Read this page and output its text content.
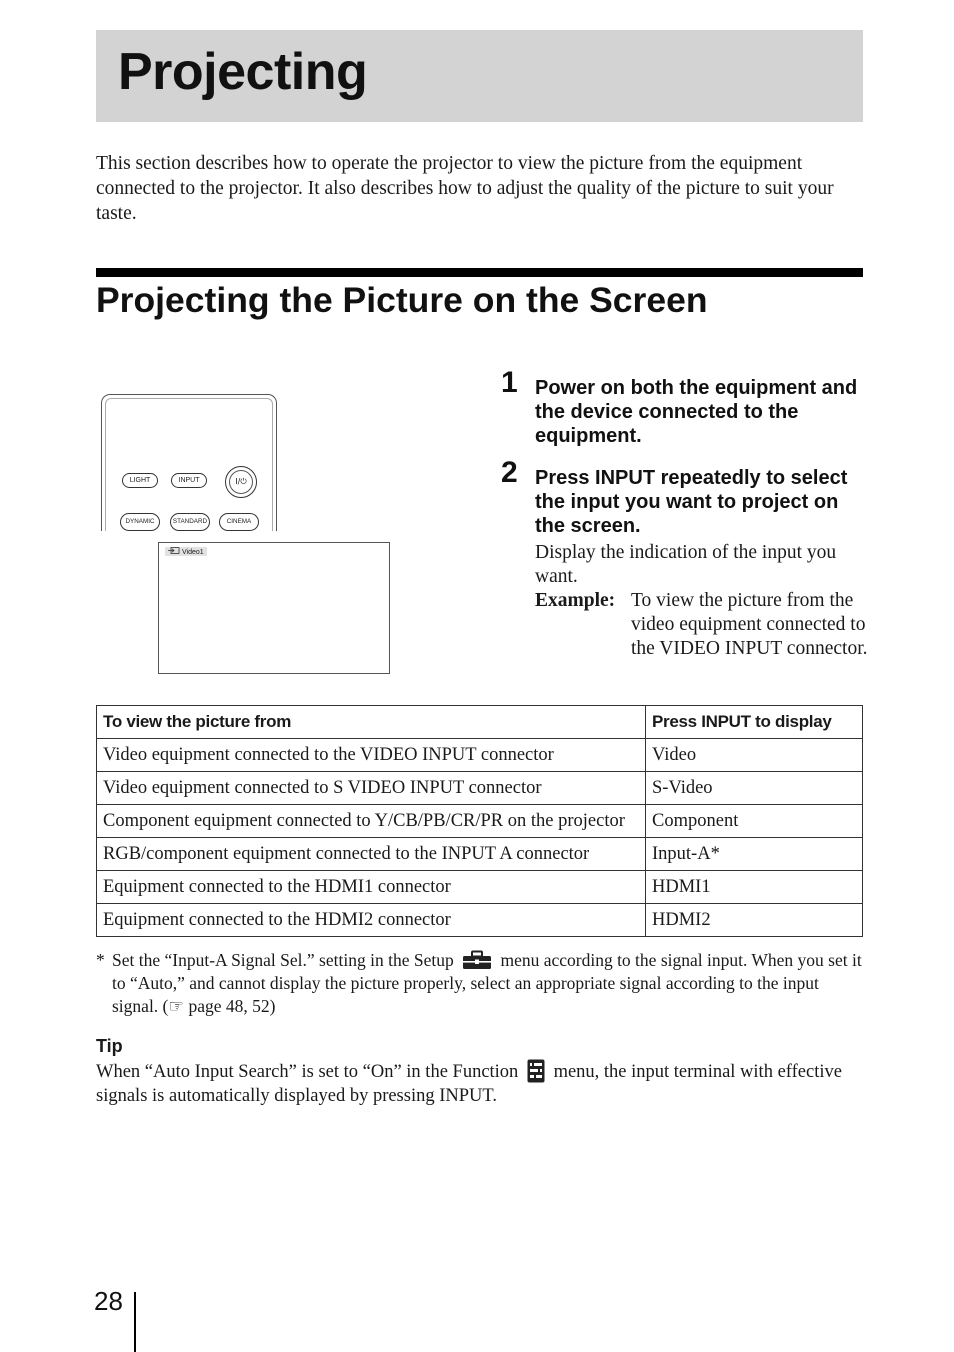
Projecting
This section describes how to operate the projector to view the picture from the equipment connected to the projector. It also describes how to adjust the quality of the picture to suit your taste.
Projecting the Picture on the Screen
LIGHT	INPUT	I/⏻
DYNAMIC	STANDARD	CINEMA
Video1
1 Power on both the equipment and the device connected to the equipment.
2 Press INPUT repeatedly to select the input you want to project on the screen.
Display the indication of the input you want.
Example: To view the picture from the video equipment connected to the VIDEO INPUT connector.
To view the picture from	Press INPUT to display
Video equipment connected to the VIDEO INPUT connector	Video
Video equipment connected to S VIDEO INPUT connector	S-Video
Component equipment connected to Y/CB/PB/CR/PR on the projector	Component
RGB/component equipment connected to the INPUT A connector	Input-A*
Equipment connected to the HDMI1 connector	HDMI1
Equipment connected to the HDMI2 connector	HDMI2
* Set the “Input-A Signal Sel.” setting in the Setup	menu according to the signal input. When you set it to “Auto,” and cannot display the picture properly, select an appropriate signal according to the input signal. (☞ page 48, 52)
Tip
When “Auto Input Search” is set to “On” in the Function menu, the input terminal with effective signals is automatically displayed by pressing INPUT.
28
